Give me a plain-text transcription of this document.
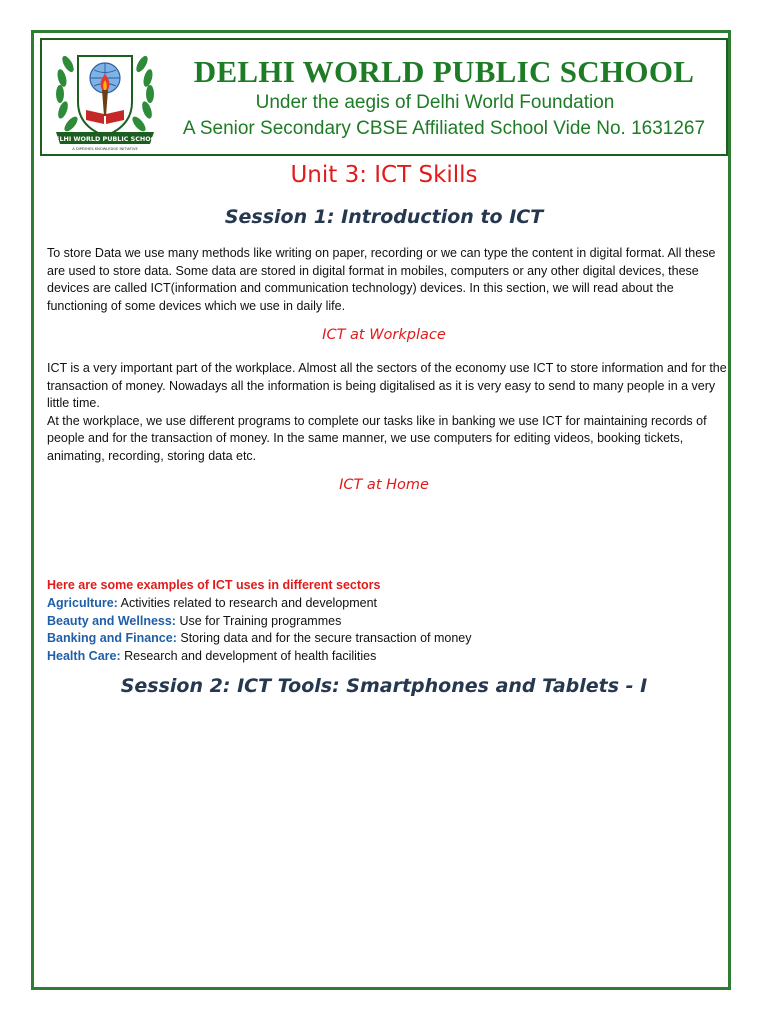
DELHI WORLD PUBLIC SCHOOL
A DIPESHES KNOWLEDGE INITIATIVE
DELHI WORLD PUBLIC SCHOOL
Under the aegis of Delhi World Foundation
A Senior Secondary CBSE Affiliated School Vide No. 1631267
Unit 3: ICT Skills
Session 1: Introduction to ICT

To store Data we use many methods like writing on paper, recording or we can type the content in digital format. All these are used to store data. Some data are stored in digital format in mobiles, computers or any other digital devices, these devices are called ICT(information and communication technology) devices. In this section, we will read about the functioning of some devices which we use in daily life.

ICT at Workplace

ICT is a very important part of the workplace. Almost all the sectors of the economy use ICT to store information and for the transaction of money. Nowadays all the information is being digitalised as it is very easy to send to many people in a very little time.

At the workplace, we use different programs to complete our tasks like in banking we use ICT for maintaining records of people and for the transaction of money. In the same manner, we use computers for editing videos, booking tickets, animating, recording, storing data etc.

ICT at Home
Here are some examples of ICT uses in different sectors
Agriculture: Activities related to research and development
Beauty and Wellness: Use for Training programmes
Banking and Finance: Storing data and for the secure transaction of money
Health Care: Research and development of health facilities
Session 2: ICT Tools: Smartphones and Tablets - I
